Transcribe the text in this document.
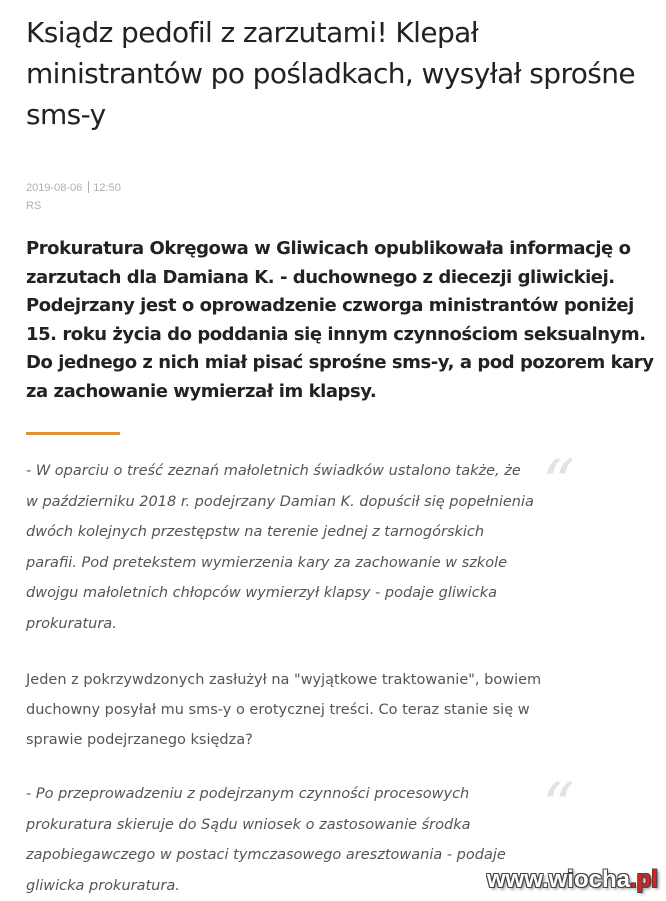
Ksiądz pedofil z zarzutami! Klepał ministrantów po pośladkach, wysyłał sprośne sms-y
2019-08-06 12:50
RS

Prokuratura Okręgowa w Gliwicach opublikowała informację o zarzutach dla Damiana K. - duchownego z diecezji gliwickiej. Podejrzany jest o oprowadzenie czworga ministrantów poniżej 15. roku życia do poddania się innym czynnościom seksualnym. Do jednego z nich miał pisać sprośne sms-y, a pod pozorem kary za zachowanie wymierzał im klapsy.

“
- W oparciu o treść zeznań małoletnich świadków ustalono także, że w październiku 2018 r. podejrzany Damian K. dopuścił się popełnienia dwóch kolejnych przestępstw na terenie jednej z tarnogórskich parafii. Pod pretekstem wymierzenia kary za zachowanie w szkole dwojgu małoletnich chłopców wymierzył klapsy - podaje gliwicka prokuratura.
Jeden z pokrzywdzonych zasłużył na "wyjątkowe traktowanie", bowiem duchowny posyłał mu sms-y o erotycznej treści. Co teraz stanie się w sprawie podejrzanego księdza?
“
- Po przeprowadzeniu z podejrzanym czynności procesowych prokuratura skieruje do Sądu wniosek o zastosowanie środka zapobiegawczego w postaci tymczasowego aresztowania - podaje gliwicka prokuratura.	www.wiocha.pl
